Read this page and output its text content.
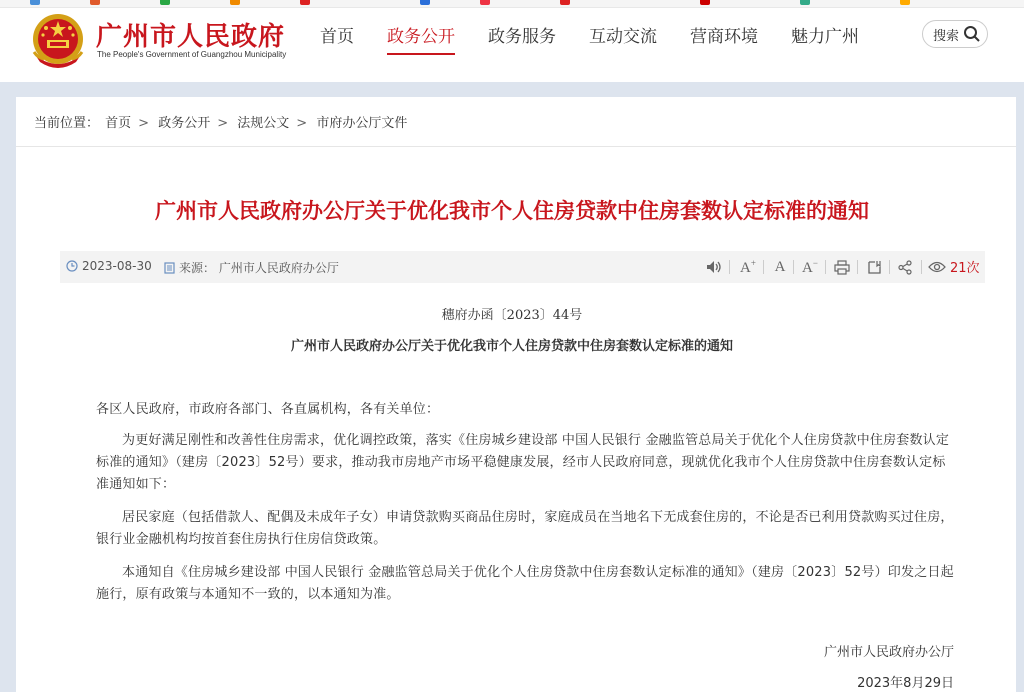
广州市人民政府
The People's Government of Guangzhou Municipality
首页 政务公开 政务服务 互动交流 营商环境 魅力广州	搜索
当前位置： 首页 > 政务公开 > 法规公文 > 市府办公厅文件
广州市人民政府办公厅关于优化我市个人住房贷款中住房套数认定标准的通知
2023-08-30 来源： 广州市人民政府办公厅	A+ A A−	21次
穗府办函〔2023〕44号
广州市人民政府办公厅关于优化我市个人住房贷款中住房套数认定标准的通知
各区人民政府，市政府各部门、各直属机构，各有关单位：
为更好满足刚性和改善性住房需求，优化调控政策，落实《住房城乡建设部 中国人民银行 金融监管总局关于优化个人住房贷款中住房套数认定标准的通知》（建房〔2023〕52号）要求，推动我市房地产市场平稳健康发展，经市人民政府同意，现就优化我市个人住房贷款中住房套数认定标准通知如下：
居民家庭（包括借款人、配偶及未成年子女）申请贷款购买商品住房时，家庭成员在当地名下无成套住房的，不论是否已利用贷款购买过住房，银行业金融机构均按首套住房执行住房信贷政策。
本通知自《住房城乡建设部 中国人民银行 金融监管总局关于优化个人住房贷款中住房套数认定标准的通知》（建房〔2023〕52号）印发之日起施行，原有政策与本通知不一致的，以本通知为准。
广州市人民政府办公厅
2023年8月29日
